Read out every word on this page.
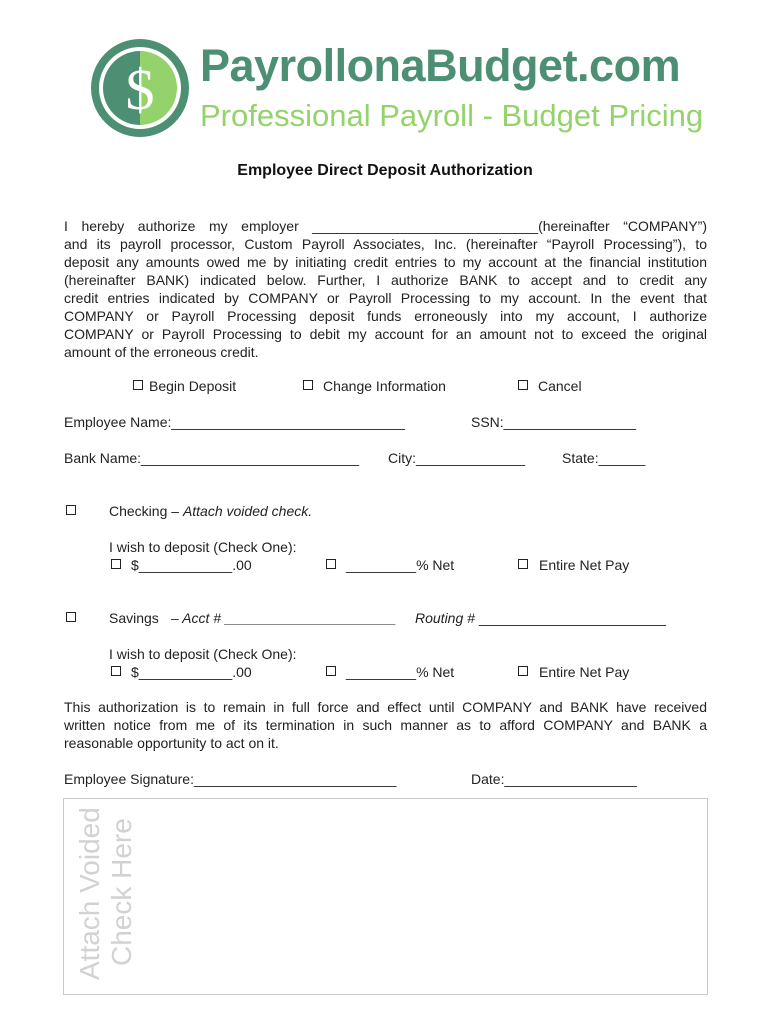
$ PayrollonaBudget.com
Professional Payroll - Budget Pricing
Employee Direct Deposit Authorization
I hereby authorize my employer _____________________________(hereinafter “COMPANY”)
and its payroll processor, Custom Payroll Associates, Inc. (hereinafter “Payroll Processing”), to
deposit any amounts owed me by initiating credit entries to my account at the financial institution
(hereinafter BANK) indicated below. Further, I authorize BANK to accept and to credit any
credit entries indicated by COMPANY or Payroll Processing to my account. In the event that
COMPANY or Payroll Processing deposit funds erroneously into my account, I authorize
COMPANY or Payroll Processing to debit my account for an amount not to exceed the original
amount of the erroneous credit.
Begin Deposit	Change Information	Cancel
Employee Name:______________________________	SSN:_________________
Bank Name:____________________________ City:______________	State:______
Checking – Attach voided check.
I wish to deposit (Check One):
$____________.00	_________% Net	Entire Net Pay
Savings – Acct # ______________________ Routing # ________________________
I wish to deposit (Check One):
$____________.00	_________% Net	Entire Net Pay
This authorization is to remain in full force and effect until COMPANY and BANK have received
written notice from me of its termination in such manner as to afford COMPANY and BANK a
reasonable opportunity to act on it.
Employee Signature:__________________________	Date:_________________
Attach Voided Check Here
